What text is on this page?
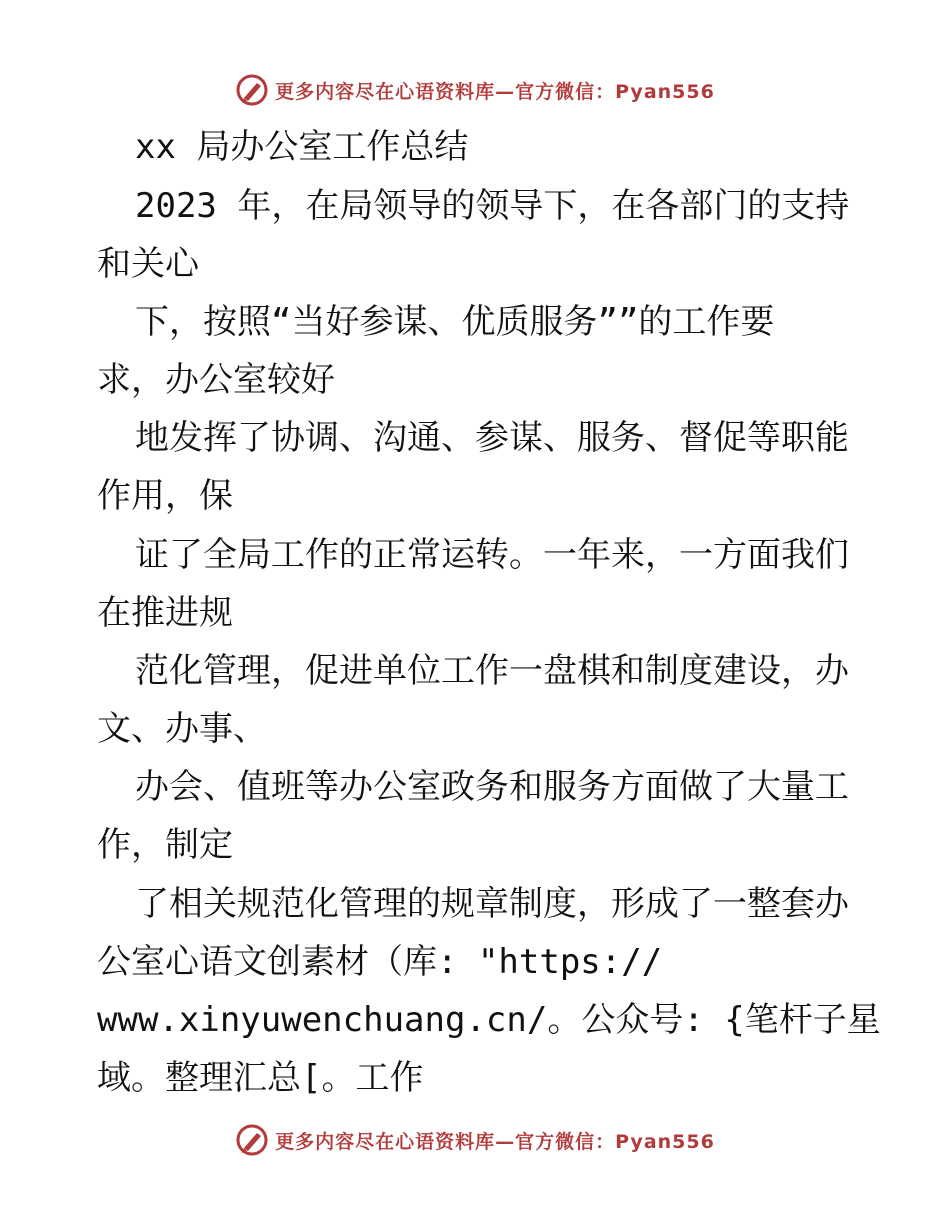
更多内容尽在心语资料库—官方微信：Pyan556
xx 局办公室工作总结
2023 年，在局领导的领导下，在各部门的支持
和关心
下，按照“当好参谋、优质服务””的工作要
求，办公室较好
地发挥了协调、沟通、参谋、服务、督促等职能
作用，保
证了全局工作的正常运转。一年来，一方面我们
在推进规
范化管理，促进单位工作一盘棋和制度建设，办
文、办事、
办会、值班等办公室政务和服务方面做了大量工
作，制定
了相关规范化管理的规章制度，形成了一整套办
公室心语文创素材（库: "https://
www.xinyuwenchuang.cn/。公众号: {笔杆子星
域。整理汇总[。工作
更多内容尽在心语资料库—官方微信：Pyan556
